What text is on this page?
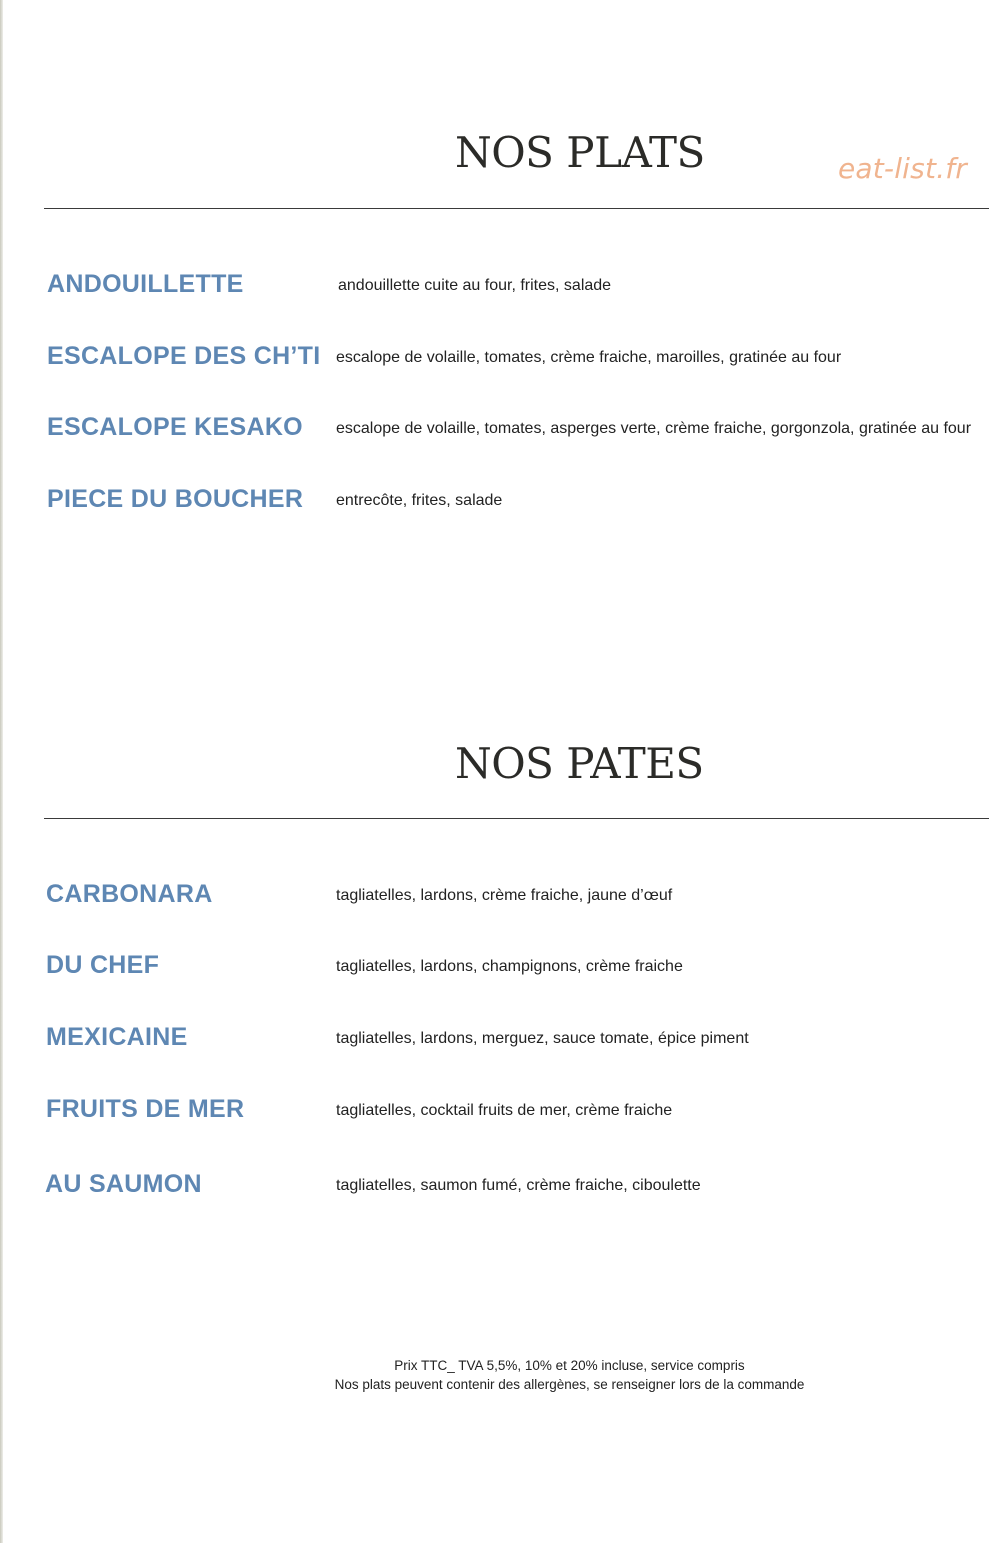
NOS PLATS	eat-list.fr
ANDOUILLETTE	andouillette cuite au four, frites, salade
ESCALOPE DES CH’TI escalope de volaille, tomates, crème fraiche, maroilles, gratinée au four
ESCALOPE KESAKO escalope de volaille, tomates, asperges verte, crème fraiche, gorgonzola, gratinée au four
PIECE DU BOUCHER entrecôte, frites, salade
NOS PATES
CARBONARA	tagliatelles, lardons, crème fraiche, jaune d’œuf
DU CHEF	tagliatelles, lardons, champignons, crème fraiche
MEXICAINE	tagliatelles, lardons, merguez, sauce tomate, épice piment
FRUITS DE MER	tagliatelles, cocktail fruits de mer, crème fraiche
AU SAUMON	tagliatelles, saumon fumé, crème fraiche, ciboulette
Prix TTC_ TVA 5,5%, 10% et 20% incluse, service compris
Nos plats peuvent contenir des allergènes, se renseigner lors de la commande
